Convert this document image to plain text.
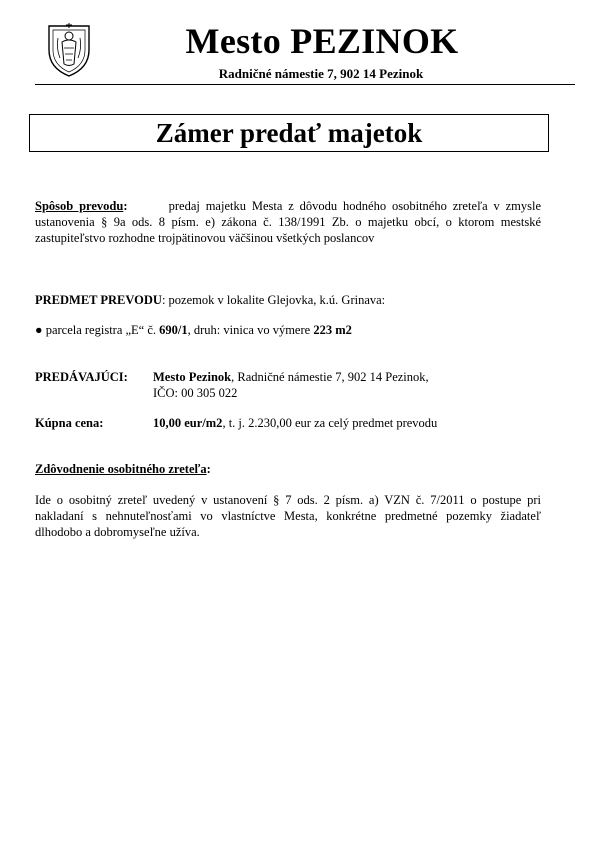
Mesto PEZINOK
Radničné námestie 7, 902 14 Pezinok
Zámer predať majetok
Spôsob prevodu:	predaj majetku Mesta z dôvodu hodného osobitného zreteľa v zmysle ustanovenia § 9a ods. 8 písm. e) zákona č. 138/1991 Zb. o majetku obcí, o ktorom mestské zastupiteľstvo rozhodne trojpätinovou väčšinou všetkých poslancov
PREDMET PREVODU: pozemok v lokalite Glejovka, k.ú. Grinava:
● parcela registra „E“ č. 690/1, druh: vinica vo výmere 223 m2
PREDÁVAJÚCI: Mesto Pezinok, Radničné námestie 7, 902 14 Pezinok,
IČO: 00 305 022
Kúpna cena:	10,00 eur/m2, t. j. 2.230,00 eur za celý predmet prevodu
Zdôvodnenie osobitného zreteľa:
Ide o osobitný zreteľ uvedený v ustanovení § 7 ods. 2 písm. a) VZN č. 7/2011 o postupe pri nakladaní s nehnuteľnosťami vo vlastníctve Mesta, konkrétne predmetné pozemky žiadateľ dlhodobo a dobromyseľne užíva.
